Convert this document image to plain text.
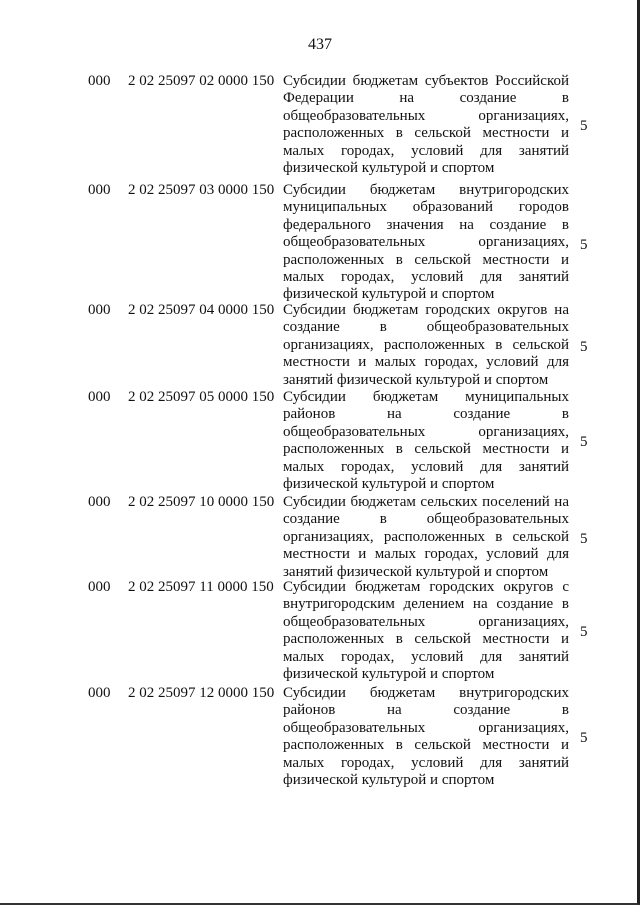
437
000 2 02 25097 02 0000 150 Субсидии бюджетам субъектов Российской
Федерации на создание в
общеобразовательных организациях,
расположенных в сельской местности и
малых городах, условий для занятий
физической культурой и спортом
5
000 2 02 25097 03 0000 150 Субсидии бюджетам внутригородских
муниципальных образований городов
федерального значения на создание в
общеобразовательных организациях,
расположенных в сельской местности и
малых городах, условий для занятий
физической культурой и спортом
5
000 2 02 25097 04 0000 150 Субсидии бюджетам городских округов на
создание в общеобразовательных
организациях, расположенных в сельской
местности и малых городах, условий для
занятий физической культурой и спортом
5
000 2 02 25097 05 0000 150 Субсидии бюджетам муниципальных
районов на создание в
общеобразовательных организациях,
расположенных в сельской местности и
малых городах, условий для занятий
физической культурой и спортом
5
000 2 02 25097 10 0000 150 Субсидии бюджетам сельских поселений на
создание в общеобразовательных
организациях, расположенных в сельской
местности и малых городах, условий для
занятий физической культурой и спортом
5
000 2 02 25097 11 0000 150 Субсидии бюджетам городских округов с
внутригородским делением на создание в
общеобразовательных организациях,
расположенных в сельской местности и
малых городах, условий для занятий
физической культурой и спортом
5
000 2 02 25097 12 0000 150 Субсидии бюджетам внутригородских
районов на создание в
общеобразовательных организациях,
расположенных в сельской местности и
малых городах, условий для занятий
физической культурой и спортом
5
